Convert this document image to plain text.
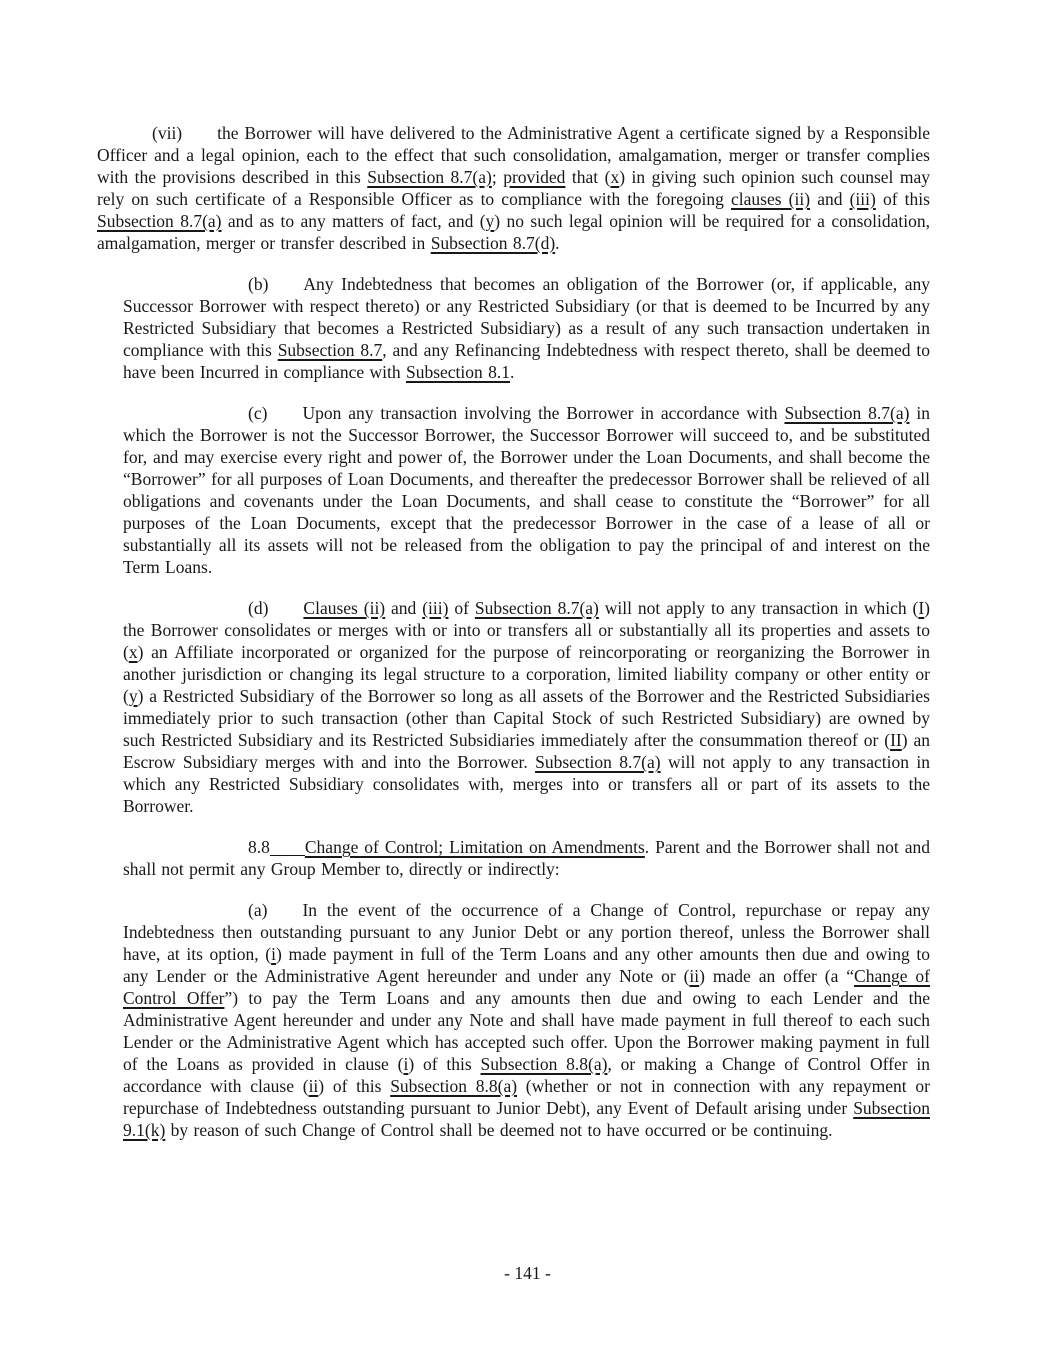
(vii) the Borrower will have delivered to the Administrative Agent a certificate signed by a Responsible Officer and a legal opinion, each to the effect that such consolidation, amalgamation, merger or transfer complies with the provisions described in this Subsection 8.7(a); provided that (x) in giving such opinion such counsel may rely on such certificate of a Responsible Officer as to compliance with the foregoing clauses (ii) and (iii) of this Subsection 8.7(a) and as to any matters of fact, and (y) no such legal opinion will be required for a consolidation, amalgamation, merger or transfer described in Subsection 8.7(d).

(b) Any Indebtedness that becomes an obligation of the Borrower (or, if applicable, any Successor Borrower with respect thereto) or any Restricted Subsidiary (or that is deemed to be Incurred by any Restricted Subsidiary that becomes a Restricted Subsidiary) as a result of any such transaction undertaken in compliance with this Subsection 8.7, and any Refinancing Indebtedness with respect thereto, shall be deemed to have been Incurred in compliance with Subsection 8.1.

(c) Upon any transaction involving the Borrower in accordance with Subsection 8.7(a) in which the Borrower is not the Successor Borrower, the Successor Borrower will succeed to, and be substituted for, and may exercise every right and power of, the Borrower under the Loan Documents, and shall become the “Borrower” for all purposes of Loan Documents, and thereafter the predecessor Borrower shall be relieved of all obligations and covenants under the Loan Documents, and shall cease to constitute the “Borrower” for all purposes of the Loan Documents, except that the predecessor Borrower in the case of a lease of all or substantially all its assets will not be released from the obligation to pay the principal of and interest on the Term Loans.

(d) Clauses (ii) and (iii) of Subsection 8.7(a) will not apply to any transaction in which (I) the Borrower consolidates or merges with or into or transfers all or substantially all its properties and assets to (x) an Affiliate incorporated or organized for the purpose of reincorporating or reorganizing the Borrower in another jurisdiction or changing its legal structure to a corporation, limited liability company or other entity or (y) a Restricted Subsidiary of the Borrower so long as all assets of the Borrower and the Restricted Subsidiaries immediately prior to such transaction (other than Capital Stock of such Restricted Subsidiary) are owned by such Restricted Subsidiary and its Restricted Subsidiaries immediately after the consummation thereof or (II) an Escrow Subsidiary merges with and into the Borrower. Subsection 8.7(a) will not apply to any transaction in which any Restricted Subsidiary consolidates with, merges into or transfers all or part of its assets to the Borrower.

8.8 Change of Control; Limitation on Amendments. Parent and the Borrower shall not and shall not permit any Group Member to, directly or indirectly:

(a) In the event of the occurrence of a Change of Control, repurchase or repay any Indebtedness then outstanding pursuant to any Junior Debt or any portion thereof, unless the Borrower shall have, at its option, (i) made payment in full of the Term Loans and any other amounts then due and owing to any Lender or the Administrative Agent hereunder and under any Note or (ii) made an offer (a “Change of Control Offer”) to pay the Term Loans and any amounts then due and owing to each Lender and the Administrative Agent hereunder and under any Note and shall have made payment in full thereof to each such Lender or the Administrative Agent which has accepted such offer. Upon the Borrower making payment in full of the Loans as provided in clause (i) of this Subsection 8.8(a), or making a Change of Control Offer in accordance with clause (ii) of this Subsection 8.8(a) (whether or not in connection with any repayment or repurchase of Indebtedness outstanding pursuant to Junior Debt), any Event of Default arising under Subsection 9.1(k) by reason of such Change of Control shall be deemed not to have occurred or be continuing.

- 141 -
